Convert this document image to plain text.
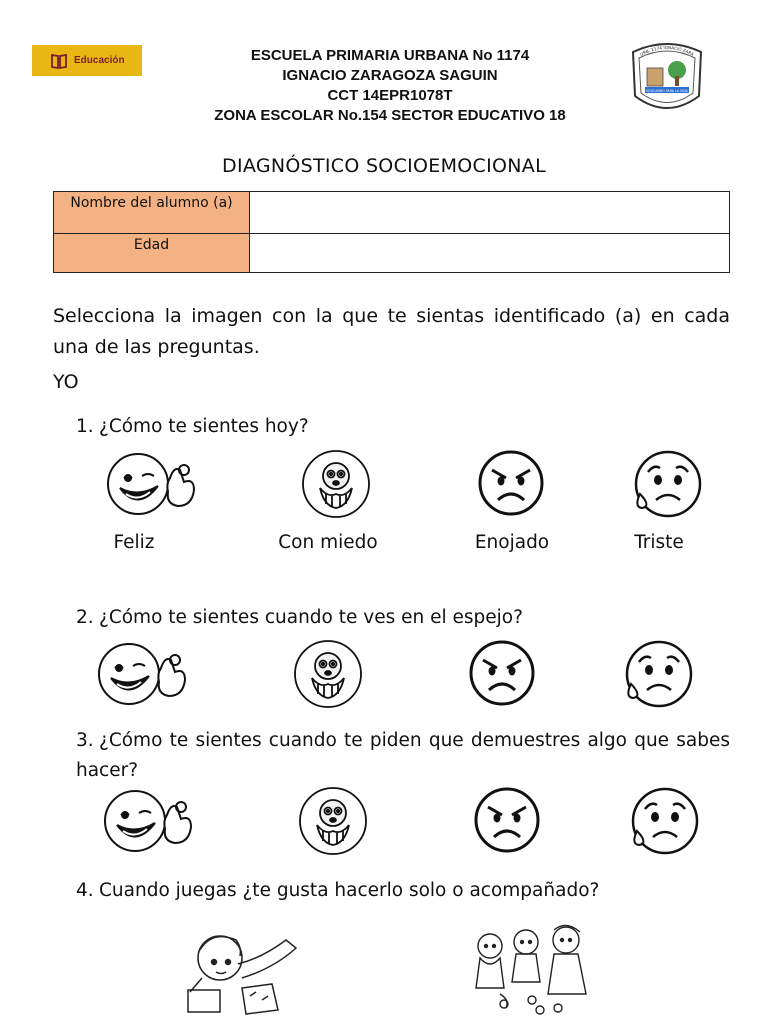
Educación	ESCUELA PRIMARIA URBANA No 1174
IGNACIO ZARAGOZA SAGUIN
CCT 14EPR1078T
ZONA ESCOLAR No.154 SECTOR EDUCATIVO 18
EDUCANDO PARA LA VIDA
URB. 1174 IGNACIO ZARA
DIAGNÓSTICO SOCIOEMOCIONAL
Nombre del alumno (a)	
Edad	
Selecciona la imagen con la que te sientas identificado (a) en cada una de las preguntas.
YO
1. ¿Cómo te sientes hoy?
Feliz	Con miedo	Enojado	Triste
2. ¿Cómo te sientes cuando te ves en el espejo?
3. ¿Cómo te sientes cuando te piden que demuestres algo que sabes hacer?
4. Cuando juegas ¿te gusta hacerlo solo o acompañado?
